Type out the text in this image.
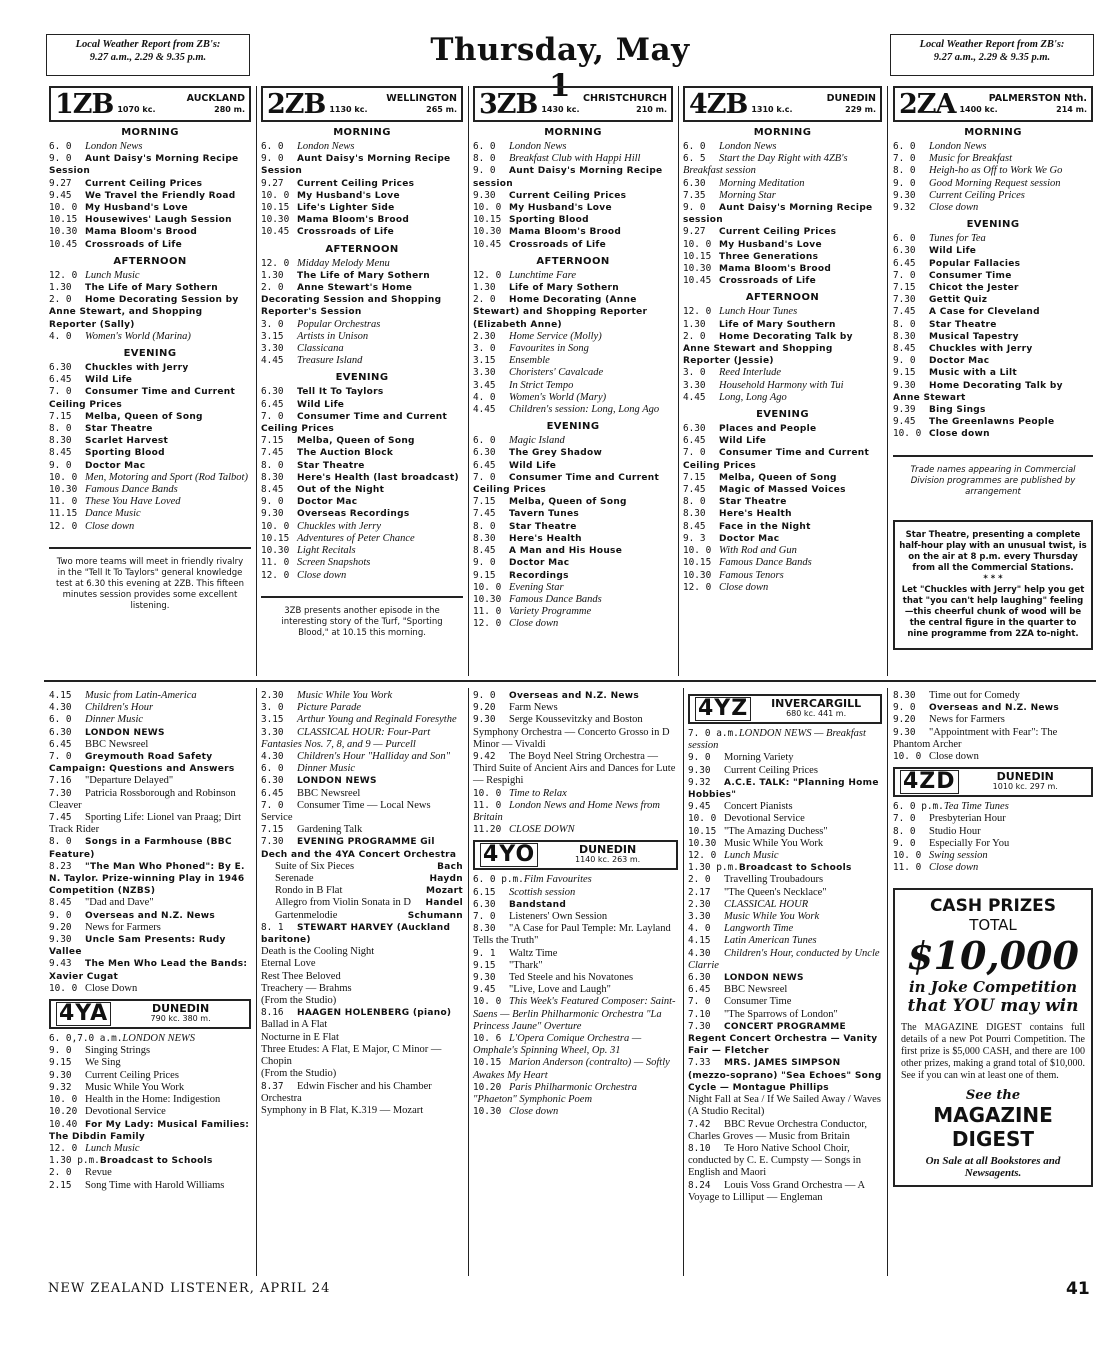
Local Weather Report from ZB's:
9.27 a.m., 2.29 & 9.35 p.m.	Thursday, May 1
Local Weather Report from ZB's:
9.27 a.m., 2.29 & 9.35 p.m.
1ZB	AUCKLAND
1070 kc.	280 m.
MORNING
6. 0 London News
9. 0 Aunt Daisy's Morning Recipe Session
9.27 Current Ceiling Prices
9.45 We Travel the Friendly Road
10. 0 My Husband's Love
10.15 Housewives' Laugh Session
10.30 Mama Bloom's Brood
10.45 Crossroads of Life
AFTERNOON
12. 0 Lunch Music
1.30 The Life of Mary Sothern
2. 0 Home Decorating Session by Anne Stewart, and Shopping Reporter (Sally)
4. 0 Women's World (Marina)
EVENING
6.30 Chuckles with Jerry
6.45 Wild Life
7. 0 Consumer Time and Current Ceiling Prices
7.15 Melba, Queen of Song
8. 0 Star Theatre
8.30 Scarlet Harvest
8.45 Sporting Blood
9. 0 Doctor Mac
10. 0 Men, Motoring and Sport (Rod Talbot)
10.30 Famous Dance Bands
11. 0 These You Have Loved
11.15 Dance Music
12. 0 Close down
Two more teams will meet in friendly rivalry in the "Tell It To Taylors" general knowledge test at 6.30 this evening at 2ZB. This fifteen minutes session provides some excellent listening.
2ZB	WELLINGTON
1130 kc.	265 m.
MORNING
6. 0 London News
9. 0 Aunt Daisy's Morning Recipe Session
9.27 Current Ceiling Prices
10. 0 My Husband's Love
10.15 Life's Lighter Side
10.30 Mama Bloom's Brood
10.45 Crossroads of Life
AFTERNOON
12. 0 Midday Melody Menu
1.30 The Life of Mary Sothern
2. 0 Anne Stewart's Home Decorating Session and Shopping Reporter's Session
3. 0 Popular Orchestras
3.15 Artists in Unison
3.30 Classicana
4.45 Treasure Island
EVENING
6.30 Tell It To Taylors
6.45 Wild Life
7. 0 Consumer Time and Current Ceiling Prices
7.15 Melba, Queen of Song
7.45 The Auction Block
8. 0 Star Theatre
8.30 Here's Health (last broadcast)
8.45 Out of the Night
9. 0 Doctor Mac
9.30 Overseas Recordings
10. 0 Chuckles with Jerry
10.15 Adventures of Peter Chance
10.30 Light Recitals
11. 0 Screen Snapshots
12. 0 Close down
3ZB presents another episode in the interesting story of the Turf, "Sporting Blood," at 10.15 this morning.
3ZB	CHRISTCHURCH
1430 kc.	210 m.
MORNING
6. 0 London News
8. 0 Breakfast Club with Happi Hill
9. 0 Aunt Daisy's Morning Recipe session
9.30 Current Ceiling Prices
10. 0 My Husband's Love
10.15 Sporting Blood
10.30 Mama Bloom's Brood
10.45 Crossroads of Life
AFTERNOON
12. 0 Lunchtime Fare
1.30 Life of Mary Sothern
2. 0 Home Decorating (Anne Stewart) and Shopping Reporter (Elizabeth Anne)
2.30 Home Service (Molly)
3. 0 Favourites in Song
3.15 Ensemble
3.30 Choristers' Cavalcade
3.45 In Strict Tempo
4. 0 Women's World (Mary)
4.45 Children's session: Long, Long Ago
EVENING
6. 0 Magic Island
6.30 The Grey Shadow
6.45 Wild Life
7. 0 Consumer Time and Current Ceiling Prices
7.15 Melba, Queen of Song
7.45 Tavern Tunes
8. 0 Star Theatre
8.30 Here's Health
8.45 A Man and His House
9. 0 Doctor Mac
9.15 Recordings
10. 0 Evening Star
10.30 Famous Dance Bands
11. 0 Variety Programme
12. 0 Close down
4ZB	DUNEDIN
1310 k.c.	229 m.
MORNING
6. 0 London News
6. 5 Start the Day Right with 4ZB's Breakfast session
6.30 Morning Meditation
7.35 Morning Star
9. 0 Aunt Daisy's Morning Recipe session
9.27 Current Ceiling Prices
10. 0 My Husband's Love
10.15 Three Generations
10.30 Mama Bloom's Brood
10.45 Crossroads of Life
AFTERNOON
12. 0 Lunch Hour Tunes
1.30 Life of Mary Southern
2. 0 Home Decorating Talk by Anne Stewart and Shopping Reporter (Jessie)
3. 0 Reed Interlude
3.30 Household Harmony with Tui
4.45 Long, Long Ago
EVENING
6.30 Places and People
6.45 Wild Life
7. 0 Consumer Time and Current Ceiling Prices
7.15 Melba, Queen of Song
7.45 Magic of Massed Voices
8. 0 Star Theatre
8.30 Here's Health
8.45 Face in the Night
9. 3 Doctor Mac
10. 0 With Rod and Gun
10.15 Famous Dance Bands
10.30 Famous Tenors
12. 0 Close down
2ZA	PALMERSTON Nth.
1400 kc.	214 m.
MORNING
6. 0 London News
7. 0 Music for Breakfast
8. 0 Heigh-ho as Off to Work We Go
9. 0 Good Morning Request session
9.30 Current Ceiling Prices
9.32 Close down
EVENING
6. 0 Tunes for Tea
6.30 Wild Life
6.45 Popular Fallacies
7. 0 Consumer Time
7.15 Chicot the Jester
7.30 Gettit Quiz
7.45 A Case for Cleveland
8. 0 Star Theatre
8.30 Musical Tapestry
8.45 Chuckles with Jerry
9. 0 Doctor Mac
9.15 Music with a Lilt
9.30 Home Decorating Talk by Anne Stewart
9.39 Bing Sings
9.45 The Greenlawns People
10. 0 Close down
Trade names appearing in Commercial Division programmes are published by arrangement
Star Theatre, presenting a complete half-hour play with an unusual twist, is on the air at 8 p.m. every Thursday from all the Commercial Stations.
* * *
Let "Chuckles with Jerry" help you get that "you can't help laughing" feeling—this cheerful chunk of wood will be the central figure in the quarter to nine programme from 2ZA to-night.
4.15 Music from Latin-America
4.30 Children's Hour
6. 0 Dinner Music
6.30 LONDON NEWS
6.45 BBC Newsreel
7. 0 Greymouth Road Safety Campaign: Questions and Answers
7.16 "Departure Delayed"
7.30 Patricia Rossborough and Robinson Cleaver
7.45 Sporting Life: Lionel van Praag; Dirt Track Rider
8. 0 Songs in a Farmhouse (BBC Feature)
8.23 "The Man Who Phoned": By E. N. Taylor. Prize-winning Play in 1946 Competition (NZBS)
8.45 "Dad and Dave"
9. 0 Overseas and N.Z. News
9.20 News for Farmers
9.30 Uncle Sam Presents: Rudy Vallee
9.43 The Men Who Lead the Bands: Xavier Cugat
10. 0 Close Down
4YA	DUNEDIN
790 kc. 380 m.
6. 0,7.0 a.m.LONDON NEWS
9. 0 Singing Strings
9.15 We Sing
9.30 Current Ceiling Prices
9.32 Music While You Work
10. 0 Health in the Home: Indigestion
10.20 Devotional Service
10.40 For My Lady: Musical Families: The Dibdin Family
12. 0 Lunch Music
1.30 p.m.Broadcast to Schools
2. 0 Revue
2.15 Song Time with Harold Williams
2.30 Music While You Work
3. 0 Picture Parade
3.15 Arthur Young and Reginald Foresythe
3.30 CLASSICAL HOUR: Four-Part Fantasies Nos. 7, 8, and 9 — Purcell
4.30 Children's Hour "Halliday and Son"
6. 0 Dinner Music
6.30 LONDON NEWS
6.45 BBC Newsreel
7. 0 Consumer Time — Local News Service
7.15 Gardening Talk
7.30 EVENING PROGRAMME Gil Dech and the 4YA Concert Orchestra
Suite of Six Pieces	Bach
Serenade	Haydn
Rondo in B Flat	Mozart
Allegro from Violin Sonata in D Handel
Gartenmelodie	Schumann
8. 1 STEWART HARVEY (Auckland baritone)
Death is the Cooling Night
Eternal Love
Rest Thee Beloved
Treachery — Brahms
(From the Studio)
8.16 HAAGEN HOLENBERG (piano)
Ballad in A Flat
Nocturne in E Flat
Three Etudes: A Flat, E Major, C Minor — Chopin
(From the Studio)
8.37 Edwin Fischer and his Chamber Orchestra
Symphony in B Flat, K.319 — Mozart
9. 0 Overseas and N.Z. News
9.20 Farm News
9.30 Serge Koussevitzky and Boston Symphony Orchestra — Concerto Grosso in D Minor — Vivaldi
9.42 The Boyd Neel String Orchestra — Third Suite of Ancient Airs and Dances for Lute — Respighi
10. 0 Time to Relax
11. 0 London News and Home News from Britain
11.20 CLOSE DOWN
4YO	DUNEDIN
1140 kc. 263 m.
6. 0 p.m.Film Favourites
6.15 Scottish session
6.30 Bandstand
7. 0 Listeners' Own Session
8.30 "A Case for Paul Temple: Mr. Layland Tells the Truth"
9. 1 Waltz Time
9.15 "Thark"
9.30 Ted Steele and his Novatones
9.45 "Live, Love and Laugh"
10. 0 This Week's Featured Composer: Saint-Saens — Berlin Philharmonic Orchestra "La Princess Jaune" Overture
10. 6 L'Opera Comique Orchestra — Omphale's Spinning Wheel, Op. 31
10.15 Marion Anderson (contralto) — Softly Awakes My Heart
10.20 Paris Philharmonic Orchestra "Phaeton" Symphonic Poem
10.30 Close down
4YZ	INVERCARGILL
680 kc. 441 m.
7. 0 a.m.LONDON NEWS — Breakfast session
9. 0 Morning Variety
9.30 Current Ceiling Prices
9.32 A.C.E. TALK: "Planning Home Hobbies"
9.45 Concert Pianists
10. 0 Devotional Service
10.15 "The Amazing Duchess"
10.30 Music While You Work
12. 0 Lunch Music
1.30 p.m.Broadcast to Schools
2. 0 Travelling Troubadours
2.17 "The Queen's Necklace"
2.30 CLASSICAL HOUR
3.30 Music While You Work
4. 0 Langworth Time
4.15 Latin American Tunes
4.30 Children's Hour, conducted by Uncle Clarrie
6.30 LONDON NEWS
6.45 BBC Newsreel
7. 0 Consumer Time
7.10 "The Sparrows of London"
7.30 CONCERT PROGRAMME Regent Concert Orchestra — Vanity Fair — Fletcher
7.33 MRS. JAMES SIMPSON (mezzo-soprano) "Sea Echoes" Song Cycle — Montague Phillips
Night Fall at Sea / If We Sailed Away / Waves (A Studio Recital)
7.42 BBC Revue Orchestra Conductor, Charles Groves — Music from Britain
8.10 Te Horo Native School Choir, conducted by C. E. Cumpsty — Songs in English and Maori
8.24 Louis Voss Grand Orchestra — A Voyage to Lilliput — Engleman
8.30 Time out for Comedy
9. 0 Overseas and N.Z. News
9.20 News for Farmers
9.30 "Appointment with Fear": The Phantom Archer
10. 0 Close down
4ZD	DUNEDIN
1010 kc. 297 m.
6. 0 p.m.Tea Time Tunes
7. 0 Presbyterian Hour
8. 0 Studio Hour
9. 0 Especially For You
10. 0 Swing session
11. 0 Close down
CASH PRIZES
TOTAL
$10,000
in Joke Competition
that YOU may win
The MAGAZINE DIGEST contains full details of a new Pot Pourri Competition. The first prize is $5,000 CASH, and there are 100 other prizes, making a grand total of $10,000. See if you can win at least one of them.
See the
MAGAZINE
DIGEST
On Sale at all Bookstores and Newsagents.
NEW ZEALAND LISTENER, APRIL 24	41
